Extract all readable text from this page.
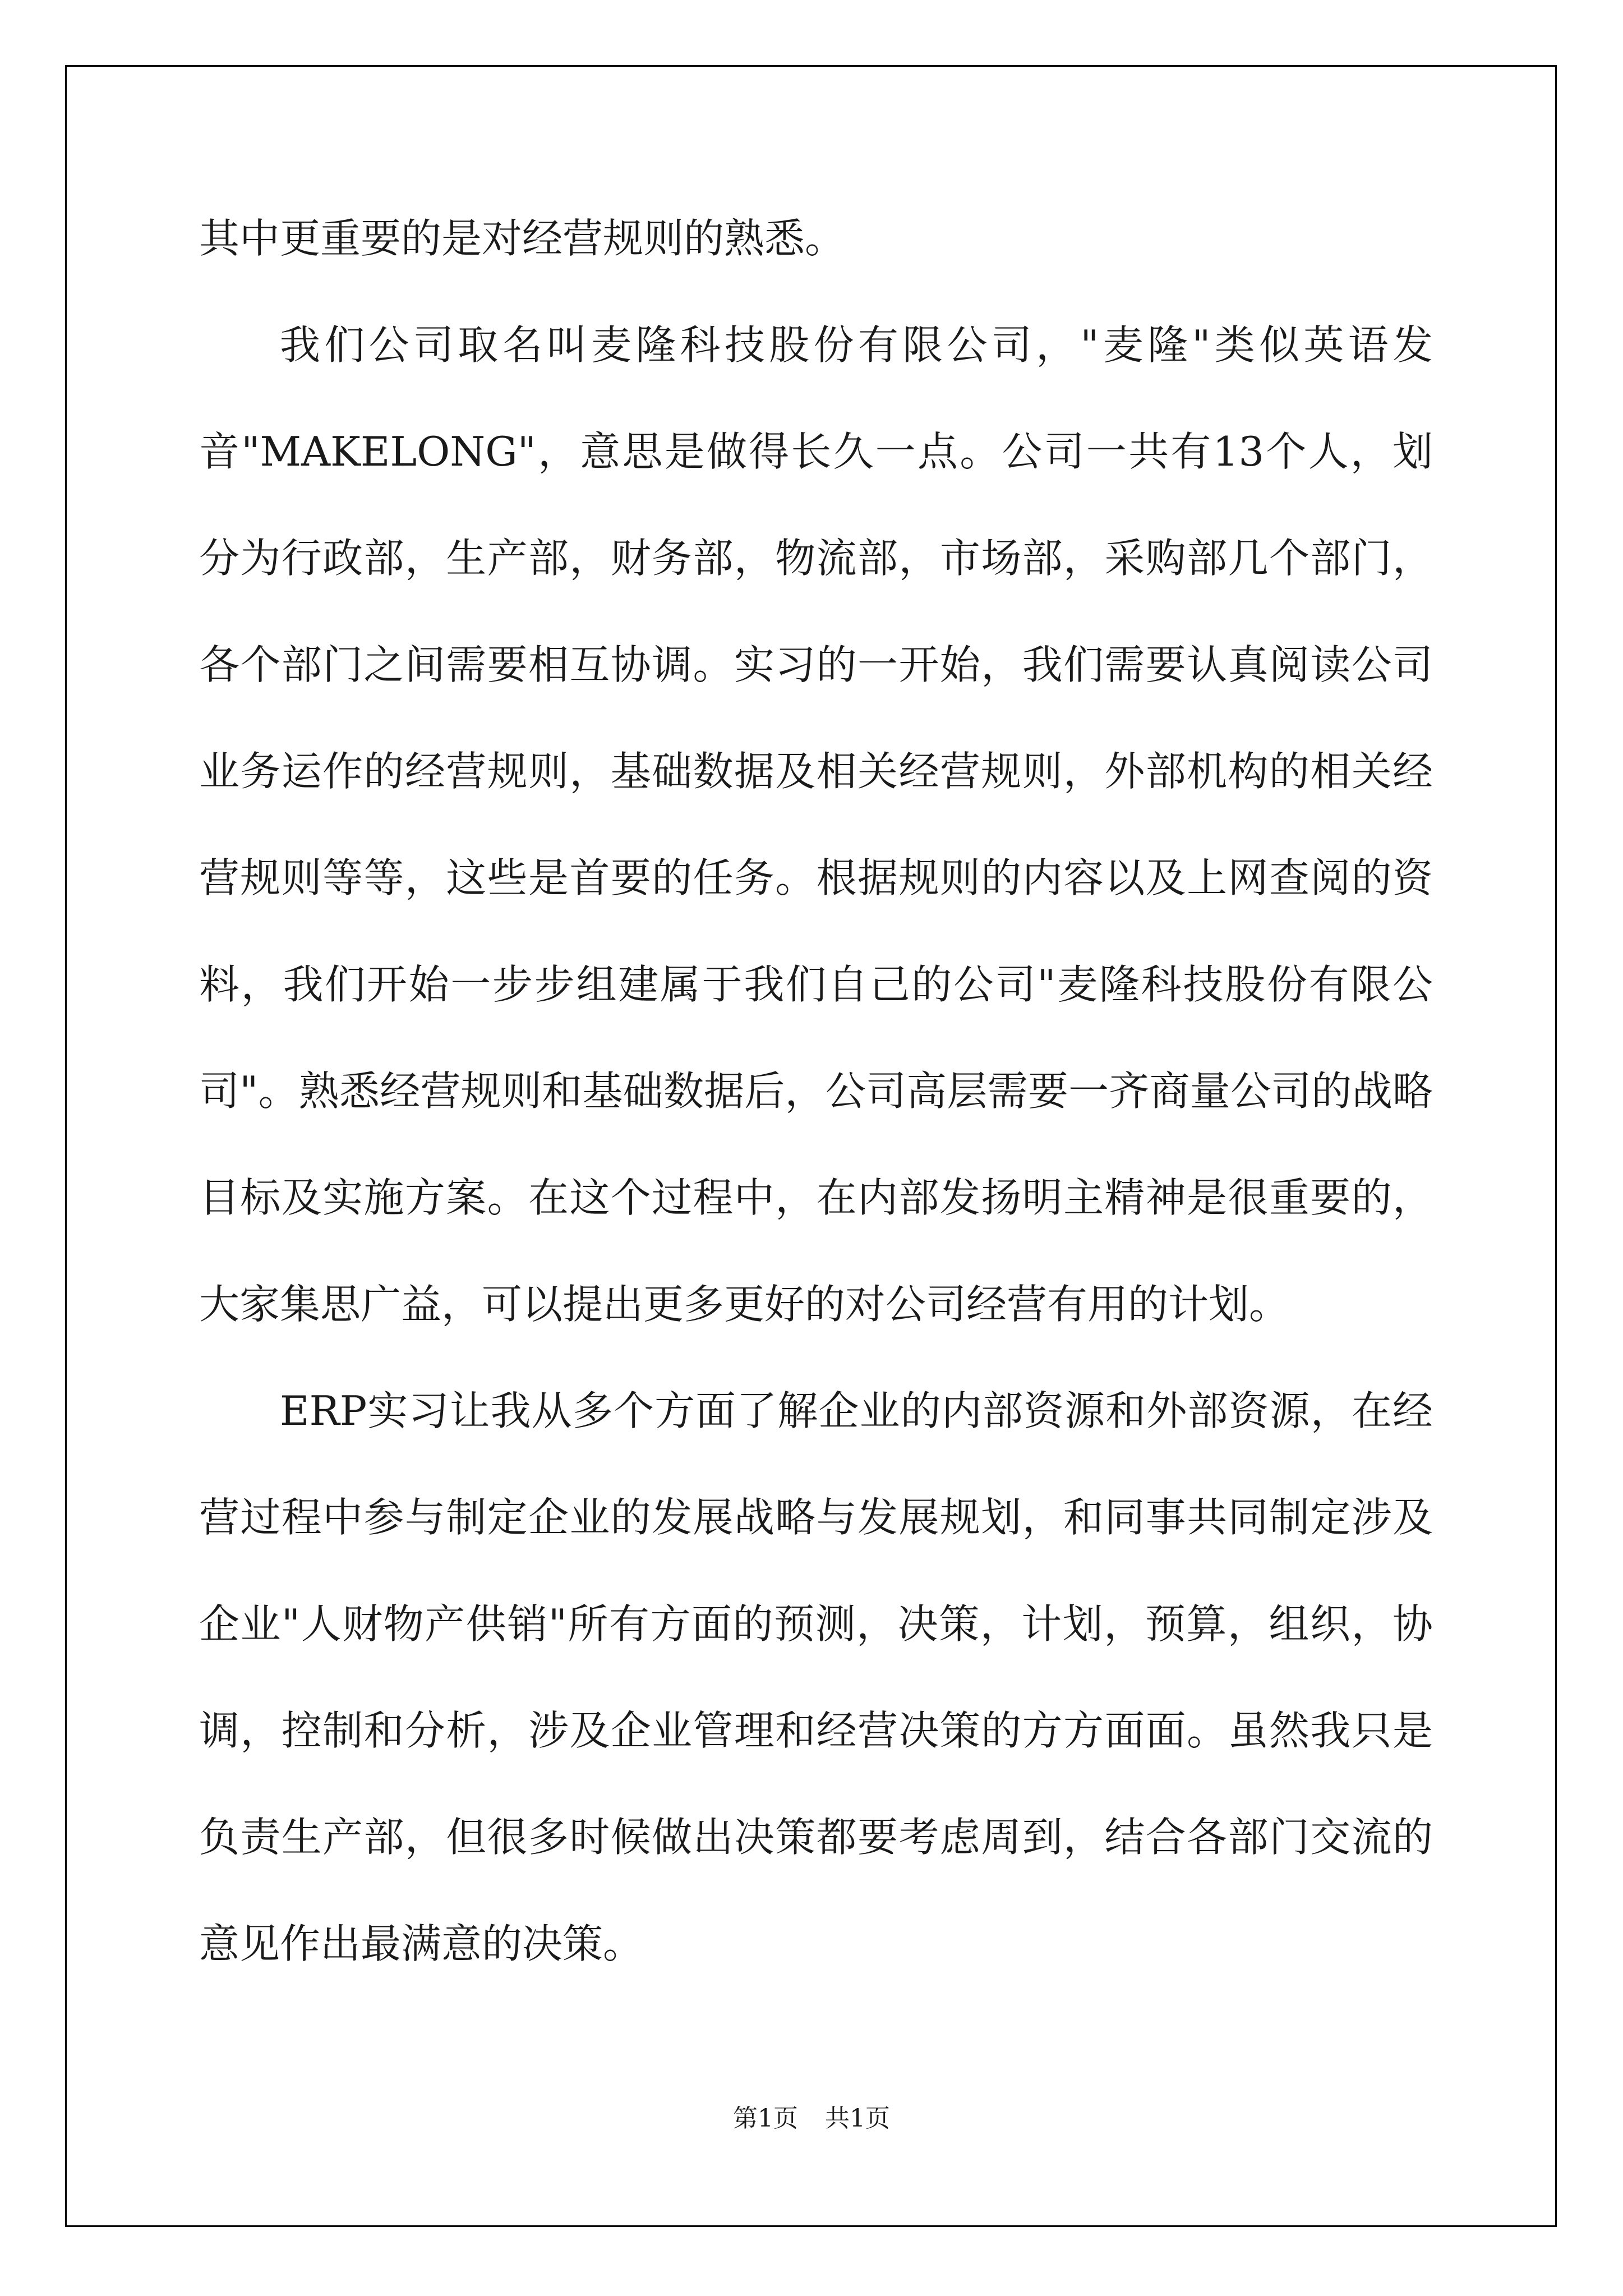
其中更重要的是对经营规则的熟悉。

我们公司取名叫麦隆科技股份有限公司，"麦隆"类似英语发音"MAKELONG"，意思是做得长久一点。公司一共有13个人，划分为行政部，生产部，财务部，物流部，市场部，采购部几个部门，各个部门之间需要相互协调。实习的一开始，我们需要认真阅读公司业务运作的经营规则，基础数据及相关经营规则，外部机构的相关经营规则等等，这些是首要的任务。根据规则的内容以及上网查阅的资料，我们开始一步步组建属于我们自己的公司"麦隆科技股份有限公司"。熟悉经营规则和基础数据后，公司高层需要一齐商量公司的战略目标及实施方案。在这个过程中，在内部发扬明主精神是很重要的，大家集思广益，可以提出更多更好的对公司经营有用的计划。

ERP实习让我从多个方面了解企业的内部资源和外部资源，在经营过程中参与制定企业的发展战略与发展规划，和同事共同制定涉及企业"人财物产供销"所有方面的预测，决策，计划，预算，组织，协调，控制和分析，涉及企业管理和经营决策的方方面面。虽然我只是负责生产部，但很多时候做出决策都要考虑周到，结合各部门交流的意见作出最满意的决策。

第1页 共1页
